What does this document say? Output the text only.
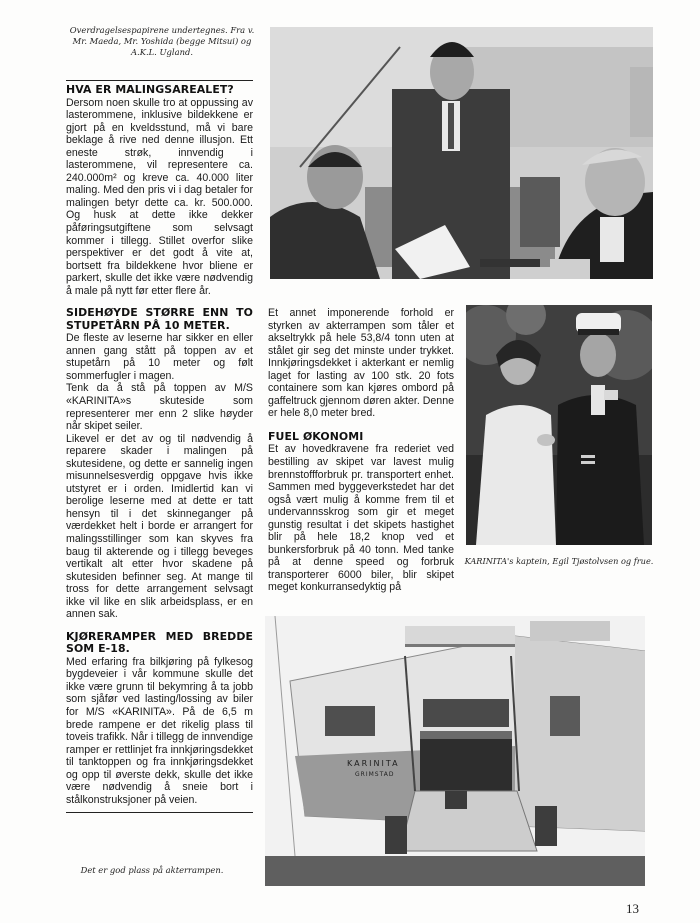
Overdragelsespapirene undertegnes. Fra v. Mr. Maeda, Mr. Yoshida (begge Mitsui) og A.K.L. Ugland.
HVA ER MALINGSAREALET?

Dersom noen skulle tro at oppussing av lasterommene, inklusive bildekkene er gjort på en kveldsstund, må vi bare beklage å rive ned denne illusjon. Ett eneste strøk, innvendig i lasterommene, vil representere ca. 240.000m² og kreve ca. 40.000 liter maling. Med den pris vi i dag betaler for malingen betyr dette ca. kr. 500.000. Og husk at dette ikke dekker påføringsutgiftene som selvsagt kommer i tillegg. Stillet overfor slike perspektiver er det godt å vite at, bortsett fra bildekkene hvor bliene er parkert, skulle det ikke være nødvendig å male på nytt før etter flere år.

SIDEHØYDE STØRRE ENN TO STUPETÅRN PÅ 10 METER.

De fleste av leserne har sikker en eller annen gang stått på toppen av et stupetårn på 10 meter og følt sommerfugler i magen.

Tenk da å stå på toppen av M/S «KARINITA»s skuteside som representerer mer enn 2 slike høyder når skipet seiler.

Likevel er det av og til nødvendig å reparere skader i malingen på skutesidene, og dette er sannelig ingen misunnelsesverdig oppgave hvis ikke utstyret er i orden. Imidlertid kan vi berolige leserne med at dette er tatt hensyn til i det skinneganger på værdekket helt i borde er arrangert for malingsstillinger som kan skyves fra baug til akterende og i tillegg beveges vertikalt alt etter hvor skadene på skutesiden befinner seg. At mange til tross for dette arrangement selvsagt ikke vil like en slik arbeidsplass, er en annen sak.

KJØRERAMPER MED BREDDE SOM E-18.

Med erfaring fra bilkjøring på fylkesog bygdeveier i vår kommune skulle det ikke være grunn til bekymring å ta jobb som sjåfør ved lasting/lossing av biler for M/S «KARINITA». På de 6,5 m brede rampene er det rikelig plass til toveis trafikk. Når i tillegg de innvendige ramper er rettlinjet fra innkjøringsdekket til tanktoppen og fra innkjøringsdekket og opp til øverste dekk, skulle det ikke være nødvendig å sneie bort i stålkonstruksjoner på veien.

Det er god plass på akterrampen.

Et annet imponerende forhold er styrken av akterrampen som tåler et akseltrykk på hele 53,8/4 tonn uten at stålet gir seg det minste under trykket. Innkjøringsdekket i akterkant er nemlig laget for lasting av 100 stk. 20 fots containere som kan kjøres ombord på gaffeltruck gjennom døren akter. Denne er hele 8,0 meter bred.

FUEL ØKONOMI

Et av hovedkravene fra rederiet ved bestilling av skipet var lavest mulig brennstoffforbruk pr. transportert enhet. Sammen med byggeverkstedet har det også vært mulig å komme frem til et undervannsskrog som gir et meget gunstig resultat i det skipets hastighet blir på hele 18,2 knop ved et bunkersforbruk på 40 tonn. Med tanke på at denne speed og forbruk transporterer 6000 biler, blir skipet meget konkurransedyktig på

KARINITA's kaptein, Egil Tjøstolvsen og frue.
KARINITA
GRIMSTAD
13
